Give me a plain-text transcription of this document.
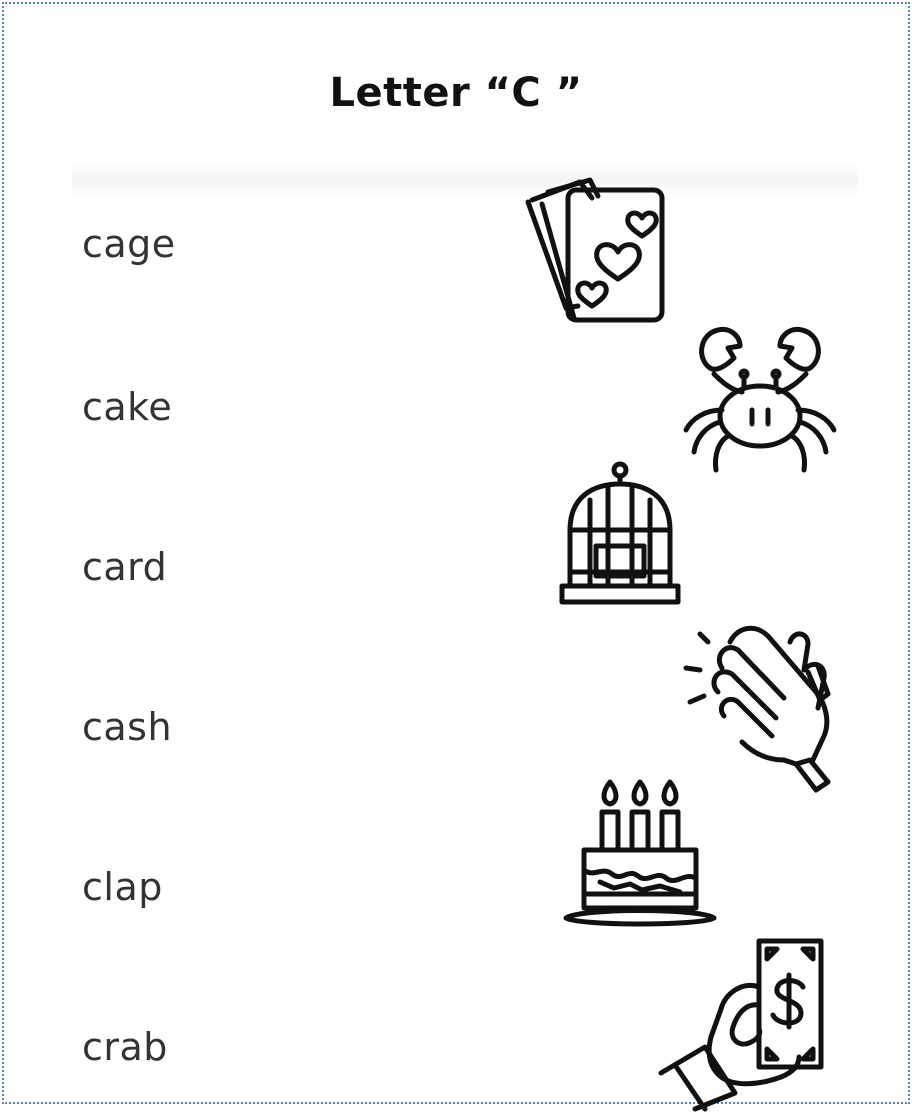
Letter “C ”
cage
cake
card
cash
clap
crab
